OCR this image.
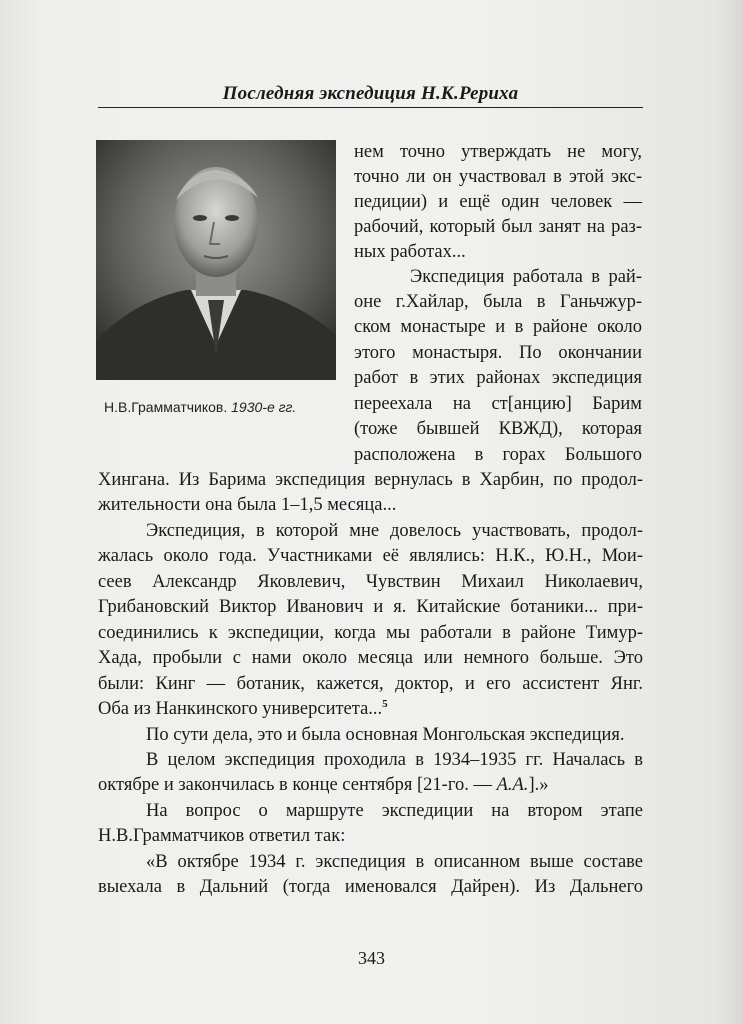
Последняя экспедиция Н.К.Рериха
Н.В.Грамматчиков. 1930-е гг.
нем точно утверждать не могу,
точно ли он участвовал в этой экс-
педиции) и ещё один человек —
рабочий, который был занят на раз-
ных работах...
Экспедиция работала в рай-
оне г.Хайлар, была в Ганьчжур-
ском монастыре и в районе около
этого монастыря. По окончании
работ в этих районах экспедиция
переехала на ст[анцию] Барим
(тоже бывшей КВЖД), которая
расположена в горах Большого
Хингана. Из Барима экспедиция вернулась в Харбин, по продол-
жительности она была 1–1,5 месяца...
Экспедиция, в которой мне довелось участвовать, продол-
жалась около года. Участниками её являлись: Н.К., Ю.Н., Мои-
сеев Александр Яковлевич, Чувствин Михаил Николаевич,
Грибановский Виктор Иванович и я. Китайские ботаники... при-
соединились к экспедиции, когда мы работали в районе Тимур-
Хада, пробыли с нами около месяца или немного больше. Это
были: Кинг — ботаник, кажется, доктор, и его ассистент Янг.
Оба из Нанкинского университета...$^5$
По сути дела, это и была основная Монгольская экспедиция.
В целом экспедиция проходила в 1934–1935 гг. Началась в
октябре и закончилась в конце сентября [21-го. — А.А.].»
На вопрос о маршруте экспедиции на втором этапе
Н.В.Грамматчиков ответил так:
«В октябре 1934 г. экспедиция в описанном выше составе
выехала в Дальний (тогда именовался Дайрен). Из Дальнего
343
